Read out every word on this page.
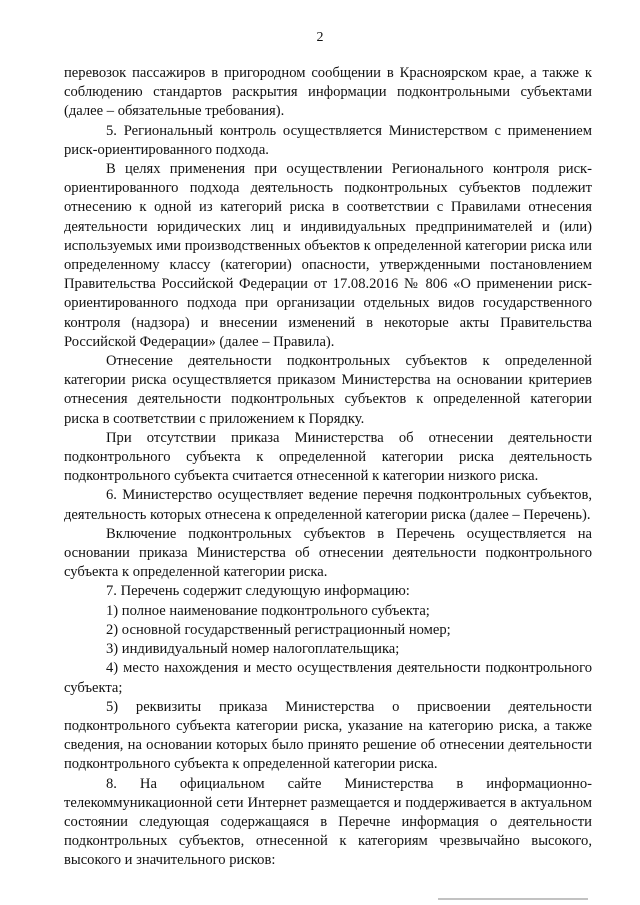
2

перевозок пассажиров в пригородном сообщении в Красноярском крае, а также к соблюдению стандартов раскрытия информации подконтрольными субъектами (далее – обязательные требования).

5. Региональный контроль осуществляется Министерством с применением риск-ориентированного подхода.

В целях применения при осуществлении Регионального контроля риск-ориентированного подхода деятельность подконтрольных субъектов подлежит отнесению к одной из категорий риска в соответствии с Правилами отнесения деятельности юридических лиц и индивидуальных предпринимателей и (или) используемых ими производственных объектов к определенной категории риска или определенному классу (категории) опасности, утвержденными постановлением Правительства Российской Федерации от 17.08.2016 № 806 «О применении риск-ориентированного подхода при организации отдельных видов государственного контроля (надзора) и внесении изменений в некоторые акты Правительства Российской Федерации» (далее – Правила).

Отнесение деятельности подконтрольных субъектов к определенной категории риска осуществляется приказом Министерства на основании критериев отнесения деятельности подконтрольных субъектов к определенной категории риска в соответствии с приложением к Порядку.

При отсутствии приказа Министерства об отнесении деятельности подконтрольного субъекта к определенной категории риска деятельность подконтрольного субъекта считается отнесенной к категории низкого риска.

6. Министерство осуществляет ведение перечня подконтрольных субъектов, деятельность которых отнесена к определенной категории риска (далее – Перечень).

Включение подконтрольных субъектов в Перечень осуществляется на основании приказа Министерства об отнесении деятельности подконтрольного субъекта к определенной категории риска.

7. Перечень содержит следующую информацию:

1) полное наименование подконтрольного субъекта;

2) основной государственный регистрационный номер;

3) индивидуальный номер налогоплательщика;

4) место нахождения и место осуществления деятельности подконтрольного субъекта;

5) реквизиты приказа Министерства о присвоении деятельности подконтрольного субъекта категории риска, указание на категорию риска, а также сведения, на основании которых было принято решение об отнесении деятельности подконтрольного субъекта к определенной категории риска.

8. На официальном сайте Министерства в информационно-телекоммуникационной сети Интернет размещается и поддерживается в актуальном состоянии следующая содержащаяся в Перечне информация о деятельности подконтрольных субъектов, отнесенной к категориям чрезвычайно высокого, высокого и значительного рисков:
